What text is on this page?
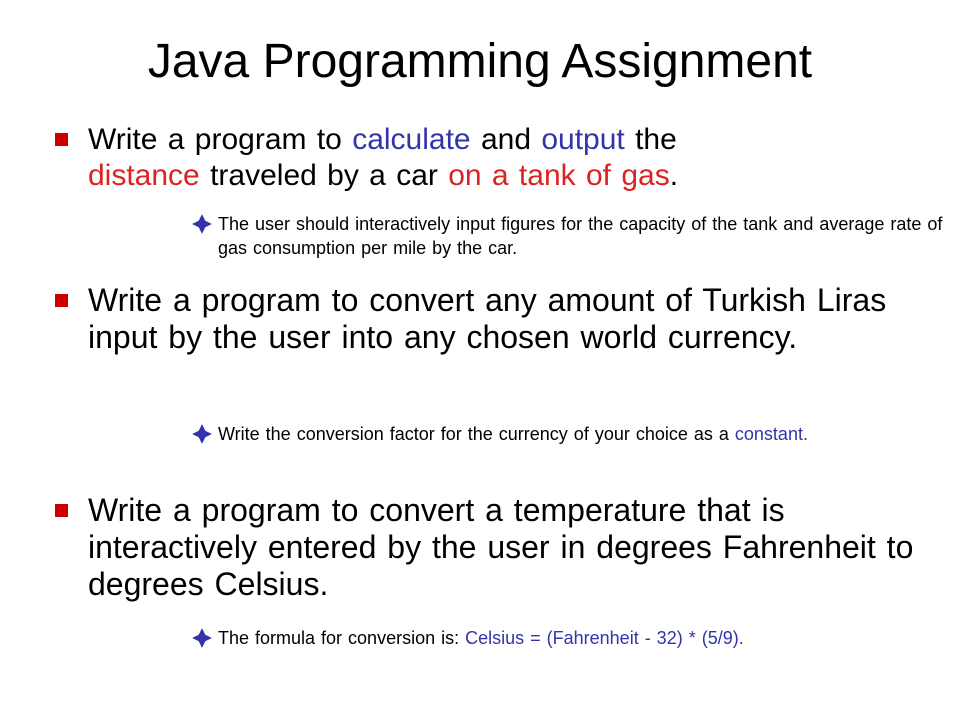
Java Programming Assignment
Write a program to calculate and output the
distance traveled by a car on a tank of gas.
The user should interactively input figures for the capacity of the tank and average rate of gas consumption per mile by the car.
Write a program to convert any amount of Turkish Liras input by the user into any chosen world currency.
Write the conversion factor for the currency of your choice as a constant.
Write a program to convert a temperature that is interactively entered by the user in degrees Fahrenheit to degrees Celsius.
The formula for conversion is: Celsius = (Fahrenheit - 32) * (5/9).
